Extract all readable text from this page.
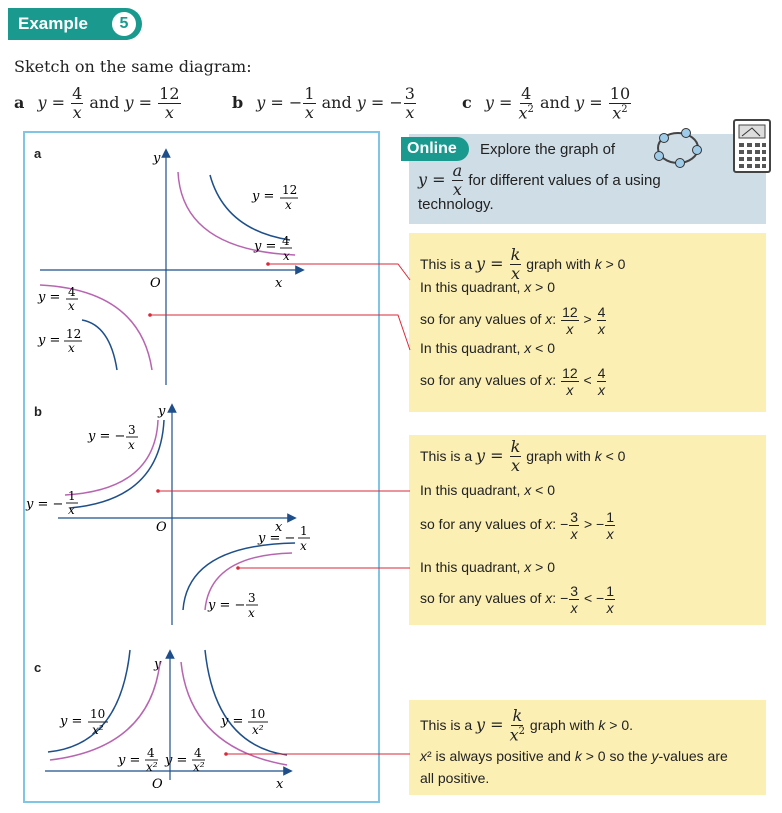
Example	5
Sketch on the same diagram:
a $y = \frac{4}{x}$ and $y = \frac{12}{x}$	b y = − $\frac{1}{x}$ and y = − $\frac{3}{x}$	c $y = \frac{4}{x^2}$ and $y = \frac{10}{x^2}$
Online	Explore the graph of
$y = \frac{a}{x}$ for different values of a using
technology.
This is a $y = \frac{k}{x}$ graph with k > 0
In this quadrant, x > 0
so for any values of x: $\frac{12}{x} > \frac{4}{x}$
In this quadrant, x < 0
so for any values of x: $\frac{12}{x} < \frac{4}{x}$
This is a $y = \frac{k}{x}$ graph with k < 0
In this quadrant, x < 0
so for any values of x: − $\frac{3}{x}$ > − $\frac{1}{x}$
In this quadrant, x > 0
so for any values of x: − $\frac{3}{x}$ < − $\frac{1}{x}$
This is a $y = \frac{k}{x^2}$ graph with k > 0.
x² is always positive and k > 0 so the y-values are
all positive.
a	y
x
O
y = 12
x
y = 4
x
y = 4
x
y = 12
x
b	y
x
O
y = − 3
x
y = −
1
x
y = − 1
x
y = − 3
x
c	y
x
O
y = 10
x²
y = 10
x²
y = 4
x² y = 4
x²
